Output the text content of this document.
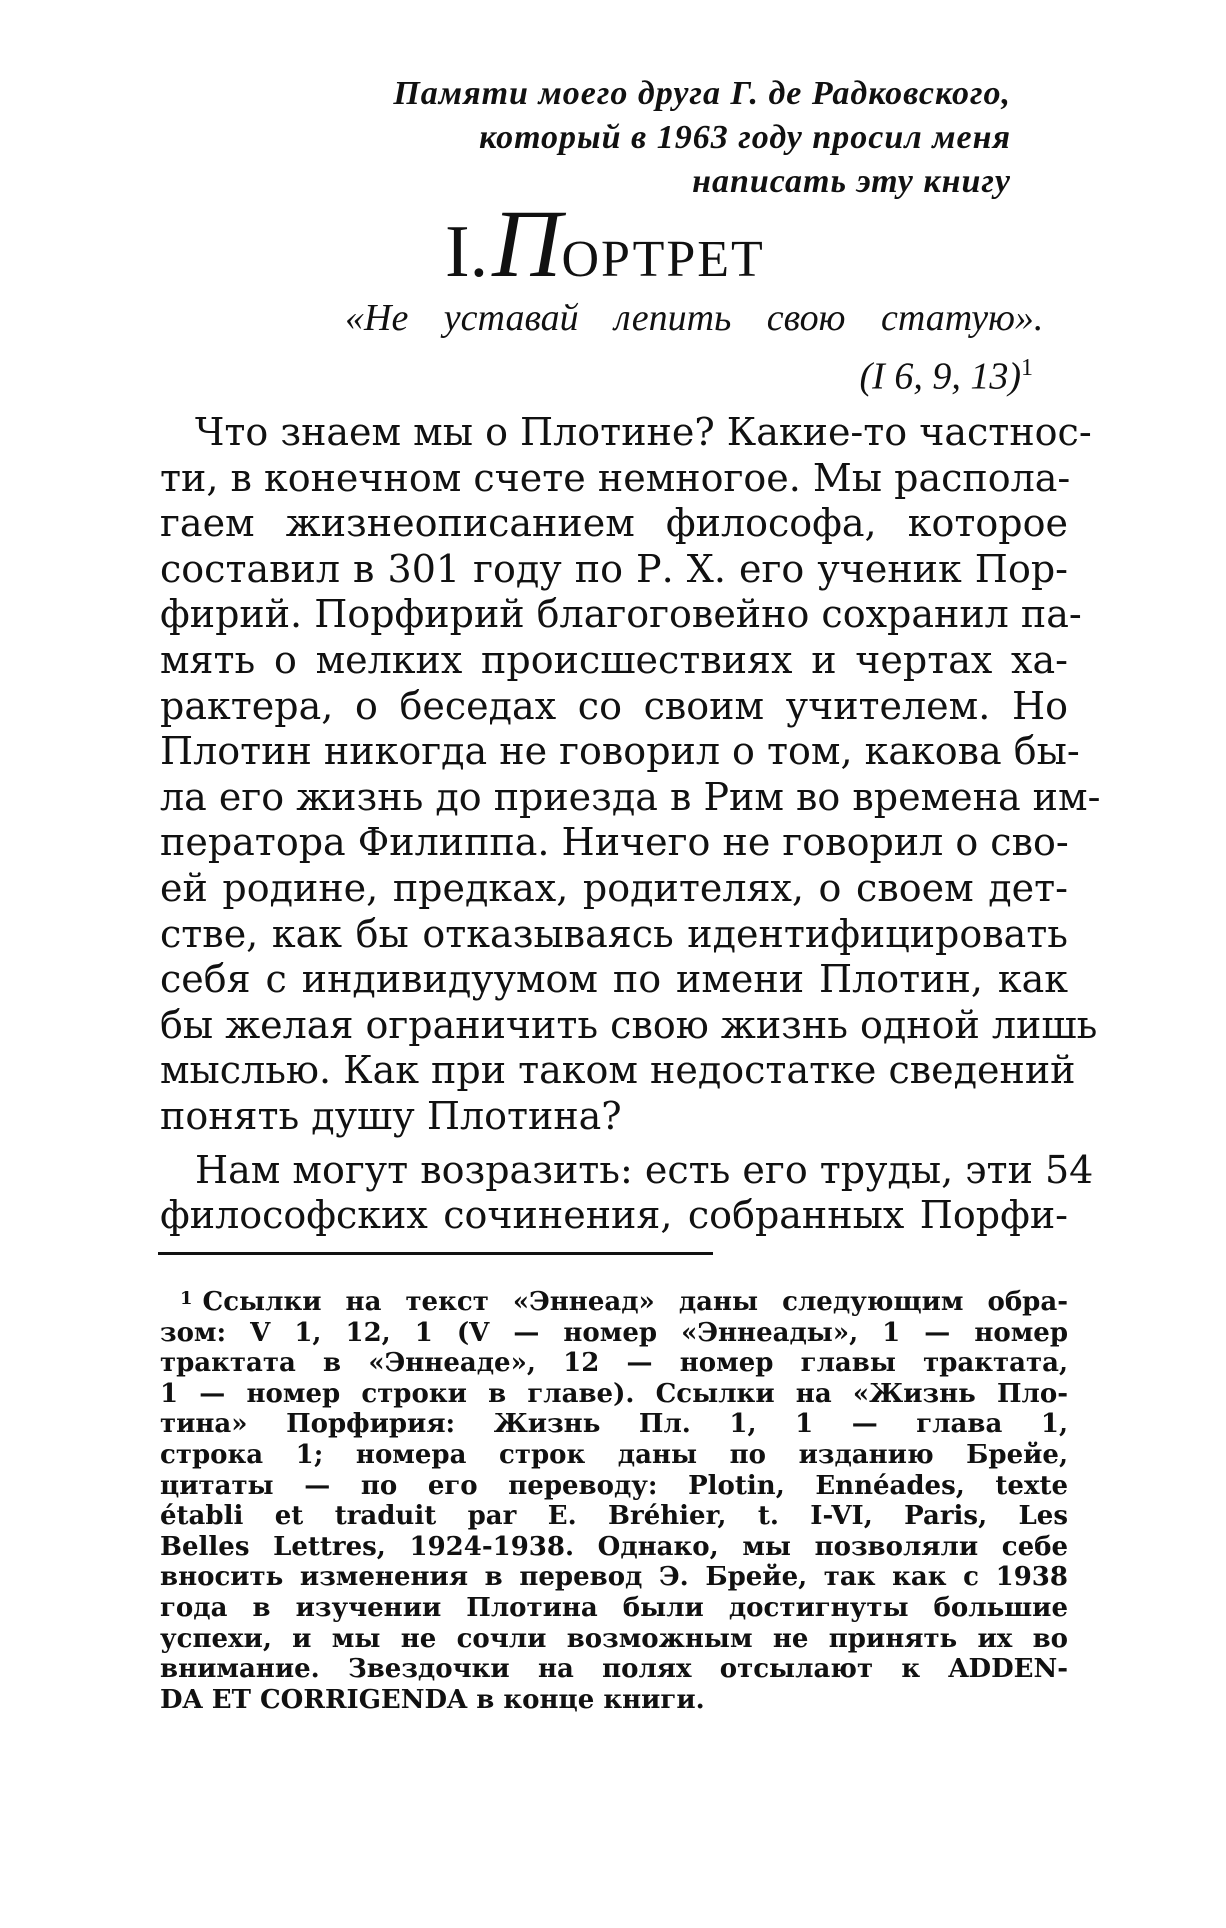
Памяти моего друга Г. де Радковского,
который в 1963 году просил меня
написать эту книгу
I. ПОРТРЕТ
«Не уставай лепить свою статую».
(I 6, 9, 13)$^1$

Что знаем мы о Плотине? Какие-то частнос-
ти, в конечном счете немногое. Мы распола-
гаем жизнеописанием философа, которое
составил в 301 году по Р. Х. его ученик Пор-
фирий. Порфирий благоговейно сохранил па-
мять о мелких происшествиях и чертах ха-
рактера, о беседах со своим учителем. Но
Плотин никогда не говорил о том, какова бы-
ла его жизнь до приезда в Рим во времена им-
ператора Филиппа. Ничего не говорил о сво-
ей родине, предках, родителях, о своем дет-
стве, как бы отказываясь идентифицировать
себя с индивидуумом по имени Плотин, как
бы желая ограничить свою жизнь одной лишь
мыслью. Как при таком недостатке сведений
понять душу Плотина?

Нам могут возразить: есть его труды, эти 54
философских сочинения, собранных Порфи-

$^1$ Ссылки на текст «Эннеад» даны следующим обра-
зом: V 1, 12, 1 (V — номер «Эннеады», 1 — номер
трактата в «Эннеаде», 12 — номер главы трактата,
1 — номер строки в главе). Ссылки на «Жизнь Пло-
тина» Порфирия: Жизнь Пл. 1, 1 — глава 1,
строка 1; номера строк даны по изданию Брейе,
цитаты — по его переводу: Plotin, Ennéades, texte
établi et traduit par E. Bréhier, t. I-VI, Paris, Les
Belles Lettres, 1924-1938. Однако, мы позволяли себе
вносить изменения в перевод Э. Брейе, так как с 1938
года в изучении Плотина были достигнуты большие
успехи, и мы не сочли возможным не принять их во
внимание. Звездочки на полях отсылают к ADDEN-
DA ET CORRIGENDA в конце книги.
